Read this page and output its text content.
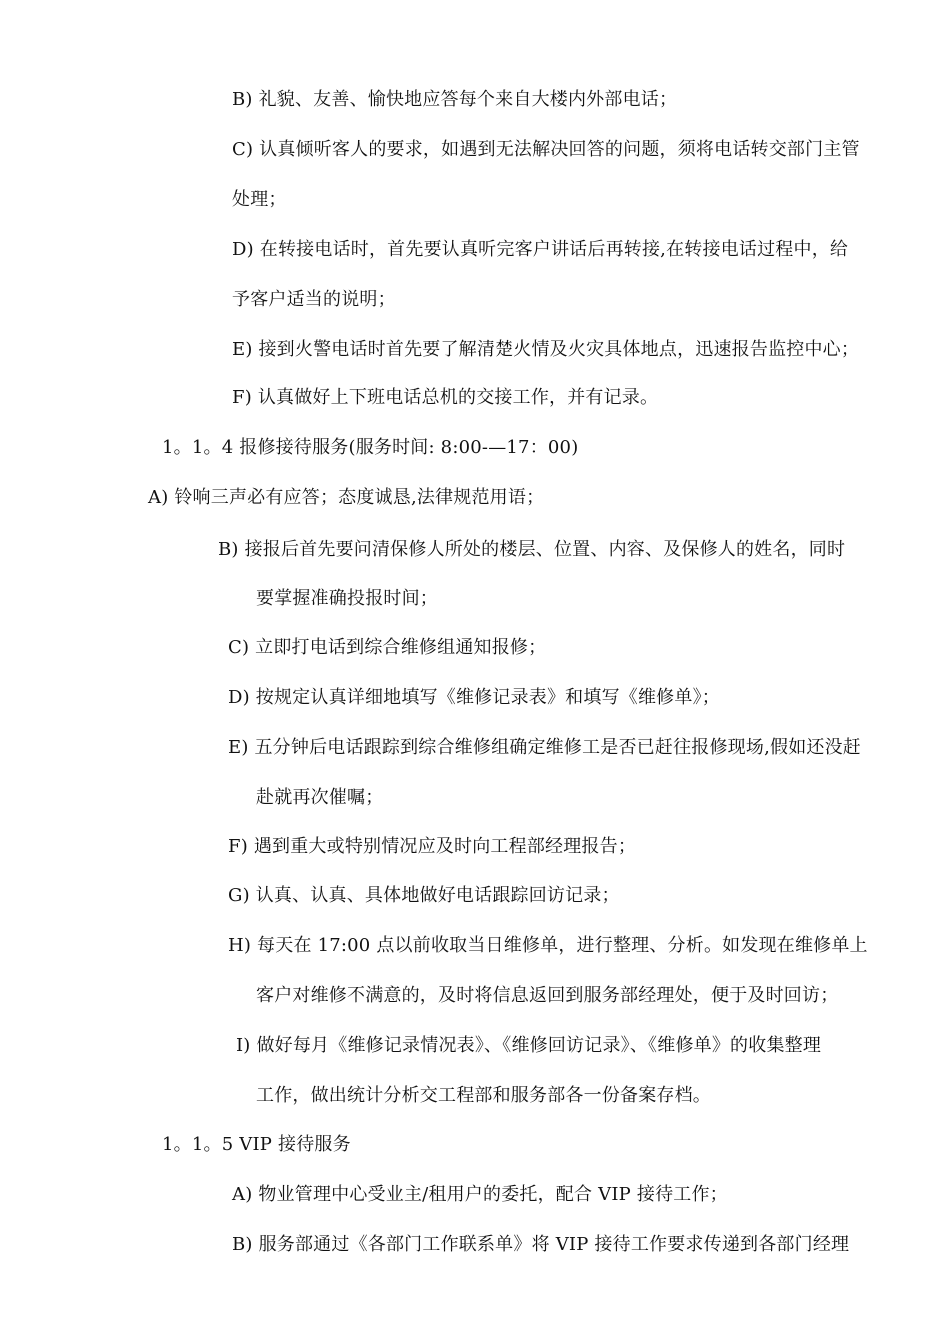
B) 礼貌、友善、愉快地应答每个来自大楼内外部电话；
C) 认真倾听客人的要求，如遇到无法解决回答的问题，须将电话转交部门主管
处理；
D) 在转接电话时，首先要认真听完客户讲话后再转接,在转接电话过程中，给
予客户适当的说明；
E) 接到火警电话时首先要了解清楚火情及火灾具体地点，迅速报告监控中心；
F) 认真做好上下班电话总机的交接工作，并有记录。
1。1。4 报修接待服务(服务时间: 8:00-—17：00)
A) 铃响三声必有应答；态度诚恳,法律规范用语；
B) 接报后首先要问清保修人所处的楼层、位置、内容、及保修人的姓名，同时
要掌握准确投报时间；
C) 立即打电话到综合维修组通知报修；
D) 按规定认真详细地填写《维修记录表》和填写《维修单》；
E) 五分钟后电话跟踪到综合维修组确定维修工是否已赶往报修现场,假如还没赶
赴就再次催嘱；
F) 遇到重大或特别情况应及时向工程部经理报告；
G) 认真、认真、具体地做好电话跟踪回访记录；
H) 每天在 17:00 点以前收取当日维修单，进行整理、分析。如发现在维修单上
客户对维修不满意的，及时将信息返回到服务部经理处，便于及时回访；
I) 做好每月《维修记录情况表》、《维修回访记录》、《维修单》的收集整理
工作，做出统计分析交工程部和服务部各一份备案存档。
1。1。5 VIP 接待服务
A) 物业管理中心受业主/租用户的委托，配合 VIP 接待工作；
B) 服务部通过《各部门工作联系单》将 VIP 接待工作要求传递到各部门经理
